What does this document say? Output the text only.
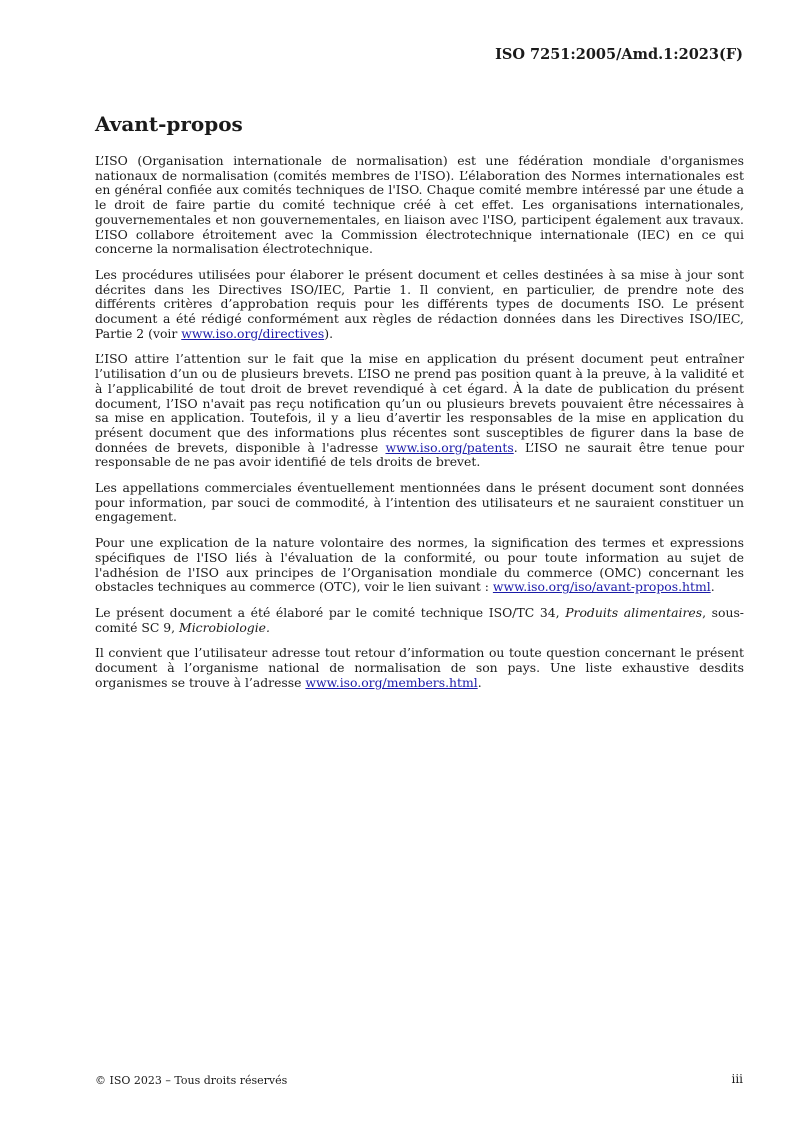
ISO 7251:2005/Amd.1:2023(F)
Avant-propos

L’ISO (Organisation internationale de normalisation) est une fédération mondiale d'organismes nationaux de normalisation (comités membres de l'ISO). L’élaboration des Normes internationales est en général confiée aux comités techniques de l'ISO. Chaque comité membre intéressé par une étude a le droit de faire partie du comité technique créé à cet effet. Les organisations internationales, gouvernementales et non gouvernementales, en liaison avec l'ISO, participent également aux travaux. L’ISO collabore étroitement avec la Commission électrotechnique internationale (IEC) en ce qui concerne la normalisation électrotechnique.

Les procédures utilisées pour élaborer le présent document et celles destinées à sa mise à jour sont décrites dans les Directives ISO/IEC, Partie 1. Il convient, en particulier, de prendre note des différents critères d’approbation requis pour les différents types de documents ISO. Le présent document a été rédigé conformément aux règles de rédaction données dans les Directives ISO/IEC, Partie 2 (voir www.iso.org/directives).

L’ISO attire l’attention sur le fait que la mise en application du présent document peut entraîner l’utilisation d’un ou de plusieurs brevets. L’ISO ne prend pas position quant à la preuve, à la validité et à l’applicabilité de tout droit de brevet revendiqué à cet égard. À la date de publication du présent document, l’ISO n'avait pas reçu notification qu’un ou plusieurs brevets pouvaient être nécessaires à sa mise en application. Toutefois, il y a lieu d’avertir les responsables de la mise en application du présent document que des informations plus récentes sont susceptibles de figurer dans la base de données de brevets, disponible à l'adresse www.iso.org/patents. L’ISO ne saurait être tenue pour responsable de ne pas avoir identifié de tels droits de brevet.

Les appellations commerciales éventuellement mentionnées dans le présent document sont données pour information, par souci de commodité, à l’intention des utilisateurs et ne sauraient constituer un engagement.

Pour une explication de la nature volontaire des normes, la signification des termes et expressions spécifiques de l'ISO liés à l'évaluation de la conformité, ou pour toute information au sujet de l'adhésion de l'ISO aux principes de l’Organisation mondiale du commerce (OMC) concernant les obstacles techniques au commerce (OTC), voir le lien suivant : www.iso.org/iso/avant-propos.html.

Le présent document a été élaboré par le comité technique ISO/TC 34, Produits alimentaires, sous-comité SC 9, Microbiologie.

Il convient que l’utilisateur adresse tout retour d’information ou toute question concernant le présent document à l’organisme national de normalisation de son pays. Une liste exhaustive desdits organismes se trouve à l’adresse www.iso.org/members.html.

© ISO 2023 – Tous droits réservés	iii
